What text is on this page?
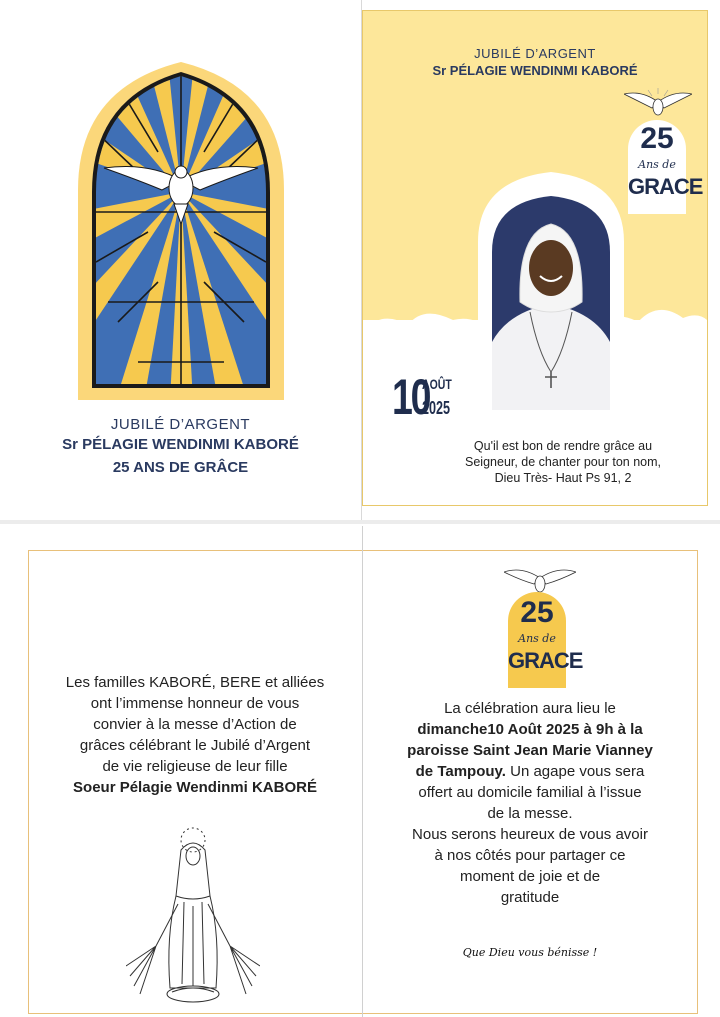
JUBILÉ D’ARGENT
Sr PÉLAGIE WENDINMI KABORÉ
25 ANS DE GRÂCE
JUBILÉ D’ARGENT
Sr PÉLAGIE WENDINMI KABORÉ
25
Ans de
GRACE
10
AOÛT
2025
Qu'il est bon de rendre grâce au
Seigneur, de chanter pour ton nom,
Dieu Très- Haut Ps 91, 2
Les familles KABORÉ, BERE et alliées
ont l’immense honneur de vous
convier à la messe d’Action de
grâces célébrant le Jubilé d’Argent
de vie religieuse de leur fille
Soeur Pélagie Wendinmi KABORÉ
25
Ans de
GRACE
La célébration aura lieu le
dimanche10 Août 2025 à 9h à la
paroisse Saint Jean Marie Vianney
de Tampouy. Un agape vous sera
offert au domicile familial à l’issue
de la messe.
Nous serons heureux de vous avoir
à nos côtés pour partager ce
moment de joie et de
gratitude
Que Dieu vous bénisse !
